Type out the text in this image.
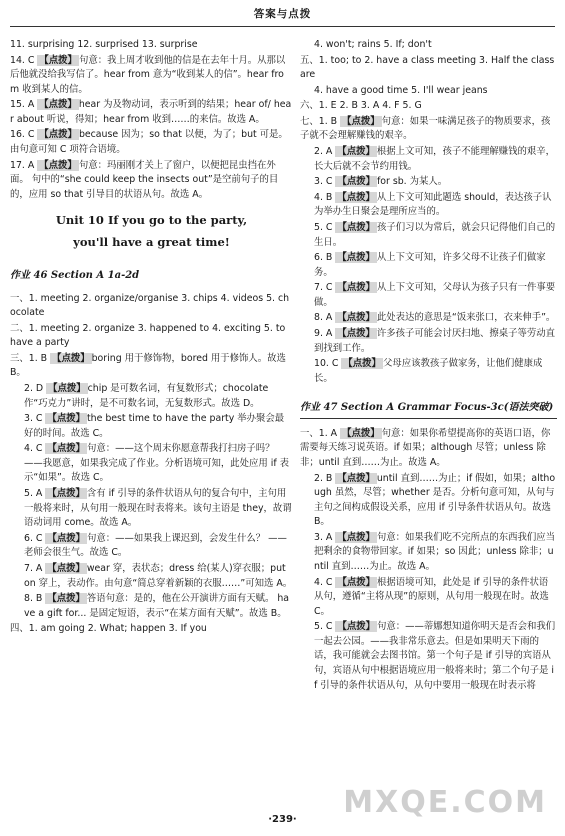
答案与点拨

11. surprising 12. surprised 13. surprise

14. C 【点拨】 句意：我上周才收到他的信是在去年十月。从那以后他就没给我写信了。hear from 意为“收到某人的信”。hear from 收到某人的信。

15. A 【点拨】 hear 为及物动词，表示听到的结果；hear of/ hear about 听说，得知；hear from 收到……的来信。故选 A。

16. C 【点拨】 because 因为；so that 以便，为了；but 可是。由句意可知 C 项符合语境。

17. A 【点拨】 句意：玛丽刚才关上了窗户，以便把昆虫挡在外面。 句中的“she could keep the insects out”是空前句子的目的，应用 so that 引导目的状语从句。故选 A。

Unit 10 If you go to the party,
you'll have a great time!
作业 46 Section A 1a-2d

一、1. meeting 2. organize/organise 3. chips 4. videos 5. chocolate

二、1. meeting 2. organize 3. happened to 4. exciting 5. to have a party

三、1. B 【点拨】 boring 用于修饰物，bored 用于修饰人。故选 B。

2. D 【点拨】 chip 是可数名词，有复数形式；chocolate 作“巧克力”讲时，是不可数名词，无复数形式。故选 D。

3. C 【点拨】 the best time to have the party 举办聚会最好的时间。故选 C。

4. C 【点拨】 句意：——这个周末你愿意帮我打扫房子吗？ ——我愿意，如果我完成了作业。分析语境可知，此处应用 if 表示“如果”。故选 C。

5. A 【点拨】 含有 if 引导的条件状语从句的复合句中，主句用一般将来时，从句用一般现在时表将来。该句主语是 they，故谓语动词用 come。故选 A。

6. C 【点拨】 句意：——如果我上课迟到，会发生什么？ ——老师会很生气。故选 C。

7. A 【点拨】 wear 穿，表状态；dress 给(某人)穿衣服；put on 穿上，表动作。由句意“简总穿着新颖的衣服……”可知选 A。

8. B 【点拨】 答语句意：是的，他在公开演讲方面有天赋。 have a gift for... 是固定短语，表示“在某方面有天赋”。故选 B。

四、1. am going 2. What; happen 3. If you

4. won't; rains 5. If; don't

五、1. too; to 2. have a class meeting 3. Half the class are

4. have a good time 5. I'll wear jeans

六、1. E 2. B 3. A 4. F 5. G

七、1. B 【点拨】 句意：如果一味满足孩子的物质要求，孩子就不会理解赚钱的艰辛。

2. A 【点拨】 根据上文可知，孩子不能理解赚钱的艰辛，长大后就不会节约用钱。

3. C 【点拨】 for sb. 为某人。

4. B 【点拨】 从上下文可知此题选 should，表达孩子认为举办生日聚会是理所应当的。

5. C 【点拨】 孩子们习以为常后，就会只记得他们自己的生日。

6. B 【点拨】 从上下文可知，许多父母不让孩子们做家务。

7. C 【点拨】 从上下文可知，父母认为孩子只有一件事要做。

8. A 【点拨】 此处表达的意思是“饭来张口，衣来伸手”。

9. A 【点拨】 许多孩子可能会讨厌扫地、擦桌子等劳动直到找到工作。

10. C 【点拨】 父母应该教孩子做家务，让他们健康成长。

作业 47 Section A Grammar Focus-3c(语法突破)

一、1. A 【点拨】 句意：如果你希望提高你的英语口语，你需要每天练习说英语。if 如果；although 尽管；unless 除非；until 直到……为止。故选 A。

2. B 【点拨】 until 直到……为止；if 假如，如果；although 虽然，尽管；whether 是否。分析句意可知，从句与主句之间构成假设关系，应用 if 引导条件状语从句。故选 B。

3. A 【点拨】 句意：如果我们吃不完所点的东西我们应当把剩余的食物带回家。if 如果；so 因此；unless 除非；until 直到……为止。故选 A。

4. C 【点拨】 根据语境可知，此处是 if 引导的条件状语从句，遵循“主将从现”的原则，从句用一般现在时。故选 C。

5. C 【点拨】 句意：——蒂娜想知道你明天是否会和我们一起去公园。——我非常乐意去。但是如果明天下雨的话，我可能就会去图书馆。第一个句子是 if 引导的宾语从句，宾语从句中根据语境应用一般将来时；第二个句子是 if 引导的条件状语从句，从句中要用一般现在时表示将

MXQE.COM
·239·
